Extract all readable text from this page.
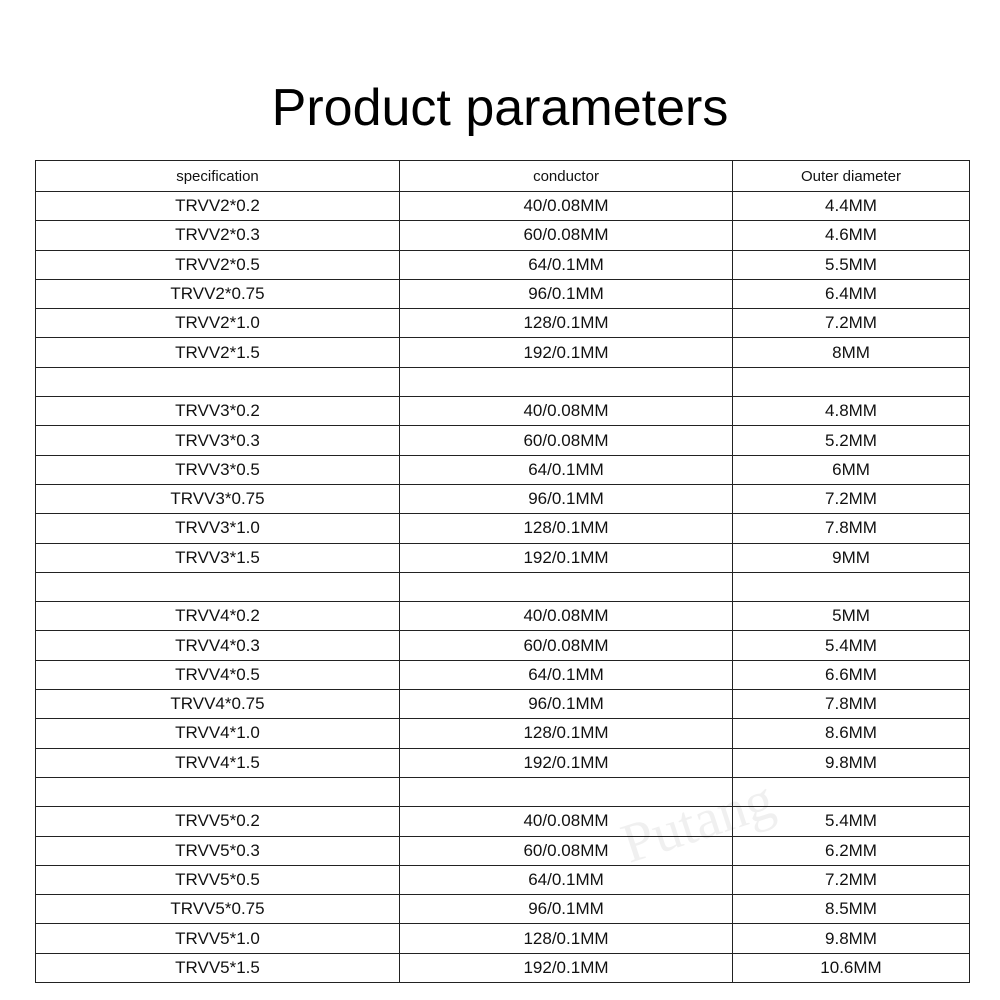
Product parameters
specification	conductor	Outer diameter
TRVV2*0.2	40/0.08MM	4.4MM
TRVV2*0.3	60/0.08MM	4.6MM
TRVV2*0.5	64/0.1MM	5.5MM
TRVV2*0.75	96/0.1MM	6.4MM
TRVV2*1.0	128/0.1MM	7.2MM
TRVV2*1.5	192/0.1MM	8MM

TRVV3*0.2	40/0.08MM	4.8MM
TRVV3*0.3	60/0.08MM	5.2MM
TRVV3*0.5	64/0.1MM	6MM
TRVV3*0.75	96/0.1MM	7.2MM
TRVV3*1.0	128/0.1MM	7.8MM
TRVV3*1.5	192/0.1MM	9MM

TRVV4*0.2	40/0.08MM	5MM
TRVV4*0.3	60/0.08MM	5.4MM
TRVV4*0.5	64/0.1MM	6.6MM
TRVV4*0.75	96/0.1MM	7.8MM
TRVV4*1.0	128/0.1MM	8.6MM
TRVV4*1.5	192/0.1MM	9.8MM

TRVV5*0.2	40/0.08MM	5.4MM
TRVV5*0.3	60/0.08MM	6.2MM
TRVV5*0.5	64/0.1MM	7.2MM
TRVV5*0.75	96/0.1MM	8.5MM
TRVV5*1.0	128/0.1MM	9.8MM
TRVV5*1.5	192/0.1MM	10.6MM
Putang
